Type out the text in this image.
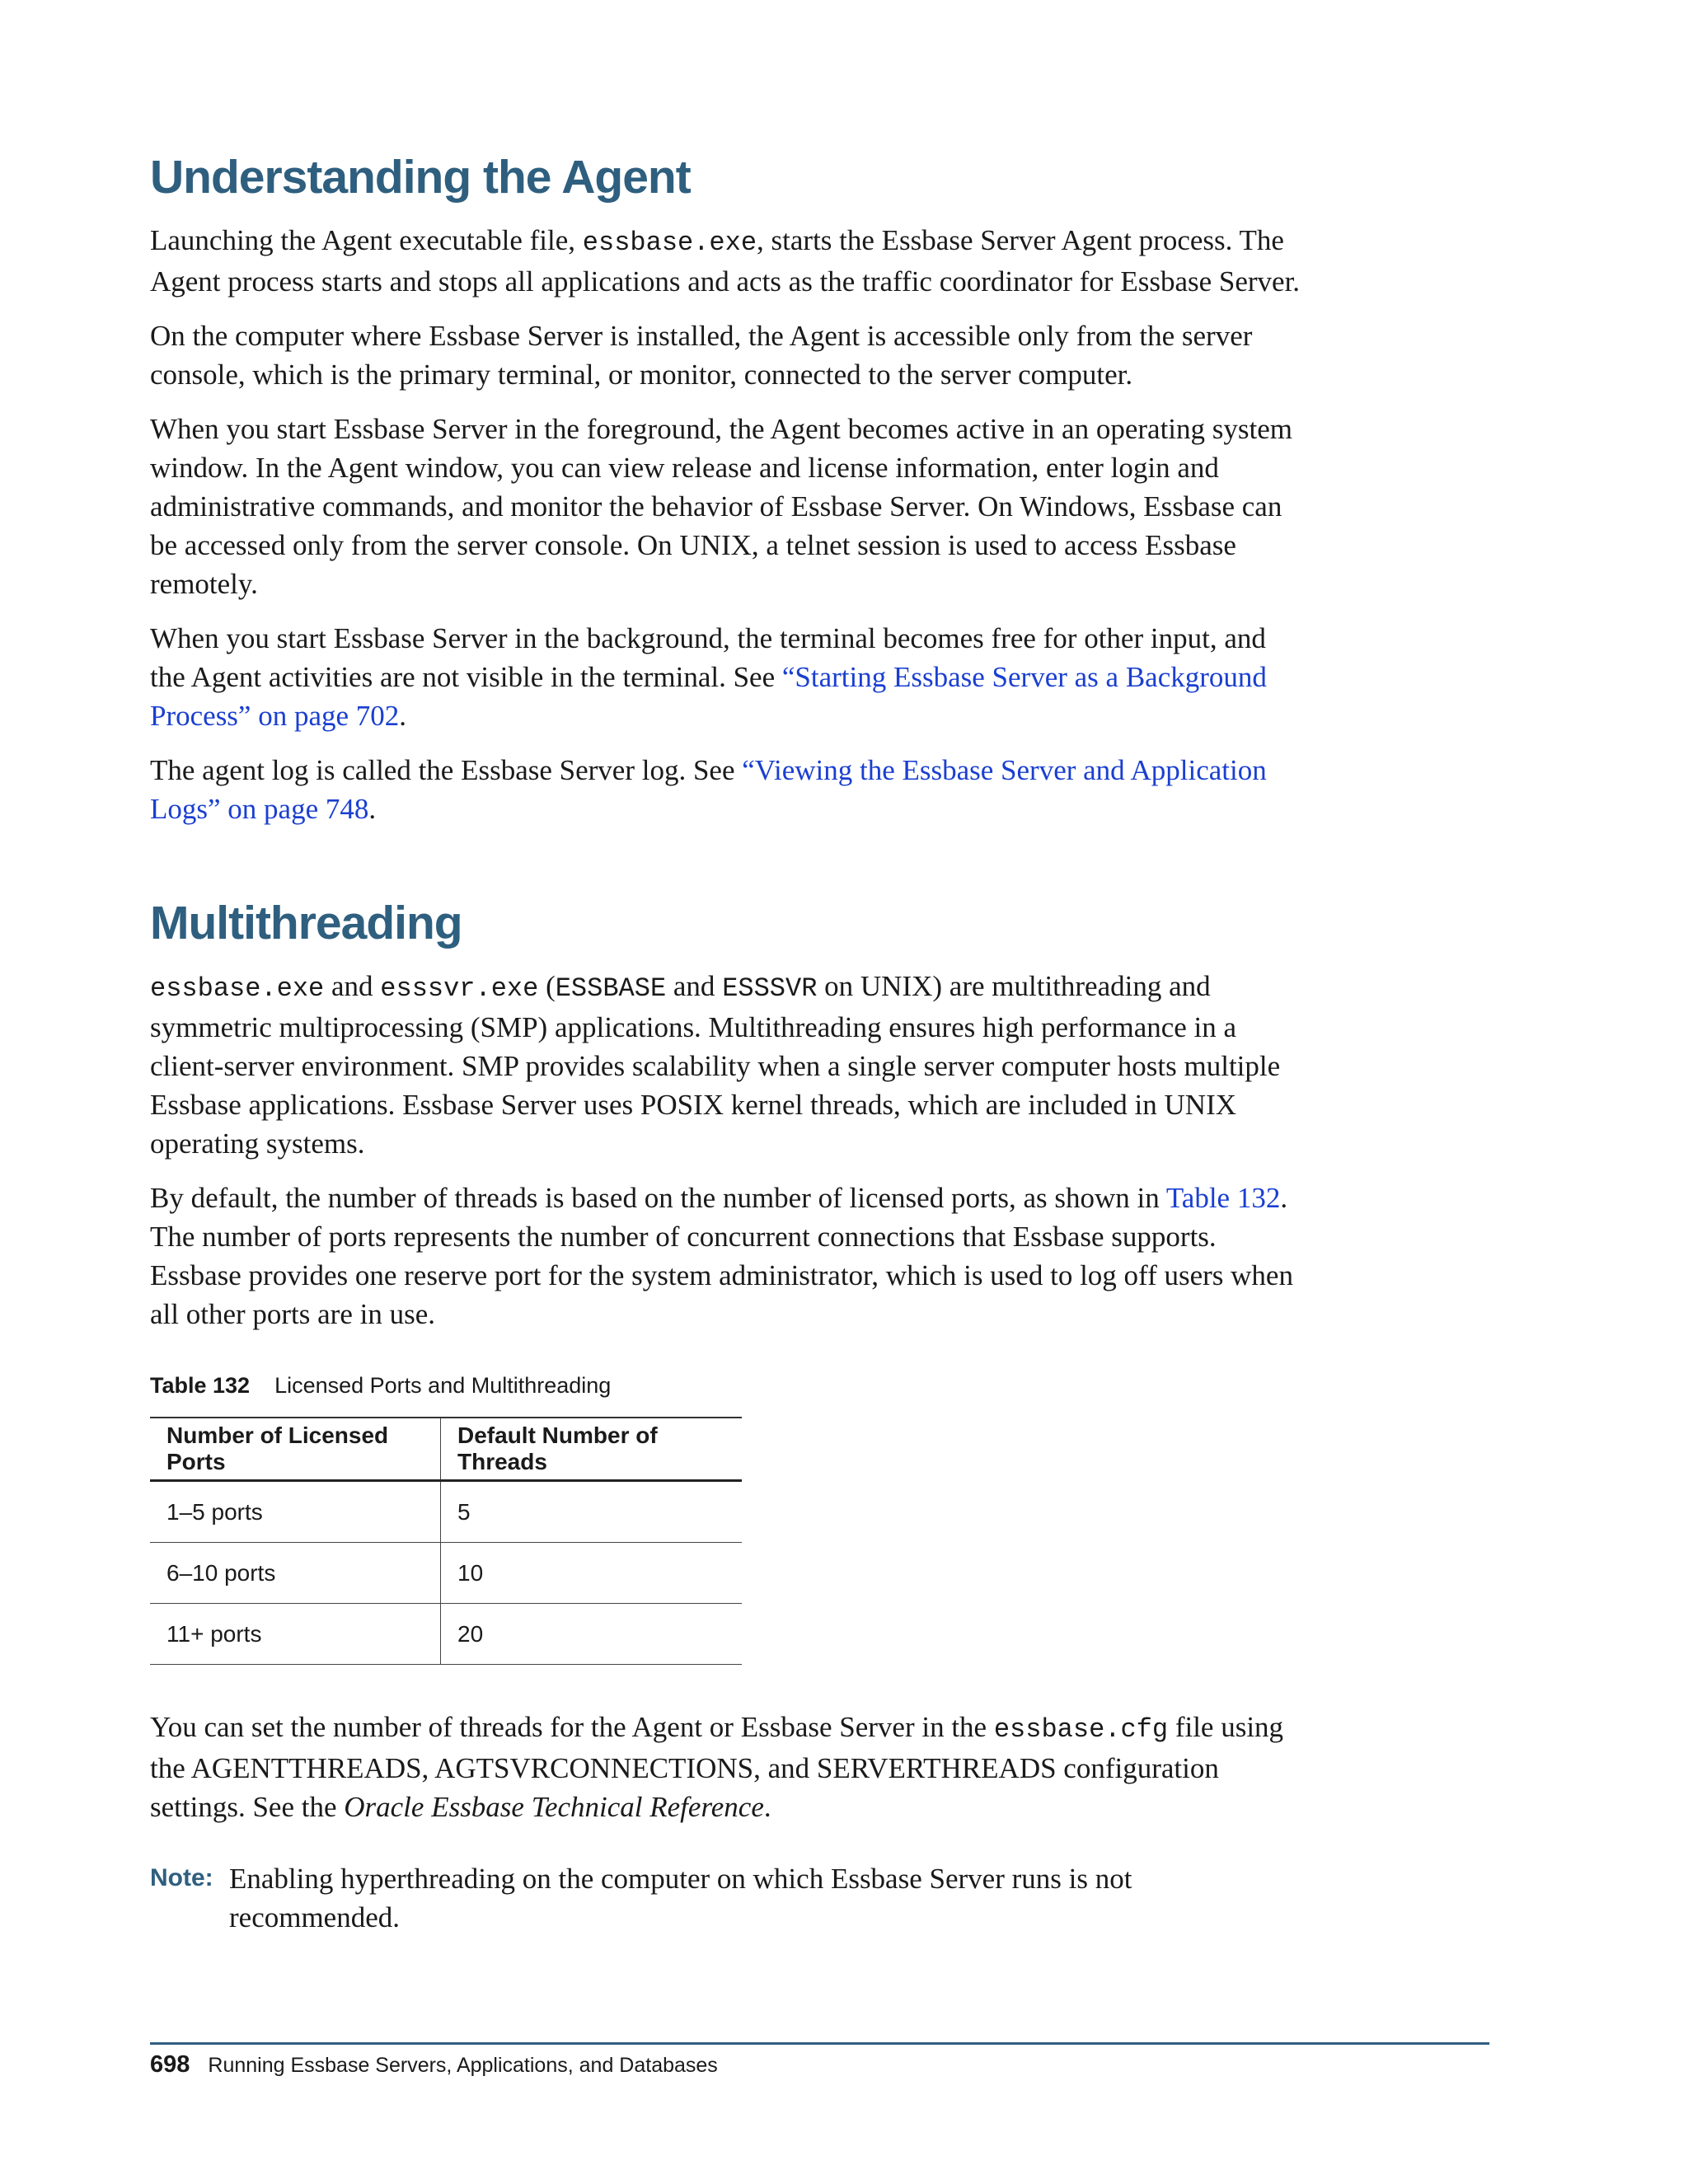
Understanding the Agent

Launching the Agent executable file, essbase.exe, starts the Essbase Server Agent process. The Agent process starts and stops all applications and acts as the traffic coordinator for Essbase Server.

On the computer where Essbase Server is installed, the Agent is accessible only from the server console, which is the primary terminal, or monitor, connected to the server computer.

When you start Essbase Server in the foreground, the Agent becomes active in an operating system window. In the Agent window, you can view release and license information, enter login and administrative commands, and monitor the behavior of Essbase Server. On Windows, Essbase can be accessed only from the server console. On UNIX, a telnet session is used to access Essbase remotely.

When you start Essbase Server in the background, the terminal becomes free for other input, and the Agent activities are not visible in the terminal. See “Starting Essbase Server as a Background Process” on page 702.

The agent log is called the Essbase Server log. See “Viewing the Essbase Server and Application Logs” on page 748.

Multithreading

essbase.exe and esssvr.exe (ESSBASE and ESSSVR on UNIX) are multithreading and symmetric multiprocessing (SMP) applications. Multithreading ensures high performance in a client-server environment. SMP provides scalability when a single server computer hosts multiple Essbase applications. Essbase Server uses POSIX kernel threads, which are included in UNIX operating systems.

By default, the number of threads is based on the number of licensed ports, as shown in Table 132. The number of ports represents the number of concurrent connections that Essbase supports. Essbase provides one reserve port for the system administrator, which is used to log off users when all other ports are in use.

Table 132 Licensed Ports and Multithreading
Number of Licensed Ports	Default Number of Threads
1–5 ports	5
6–10 ports	10
11+ ports	20

You can set the number of threads for the Agent or Essbase Server in the essbase.cfg file using the AGENTTHREADS, AGTSVRCONNECTIONS, and SERVERTHREADS configuration settings. See the Oracle Essbase Technical Reference.

Note: Enabling hyperthreading on the computer on which Essbase Server runs is not recommended.
698 Running Essbase Servers, Applications, and Databases
